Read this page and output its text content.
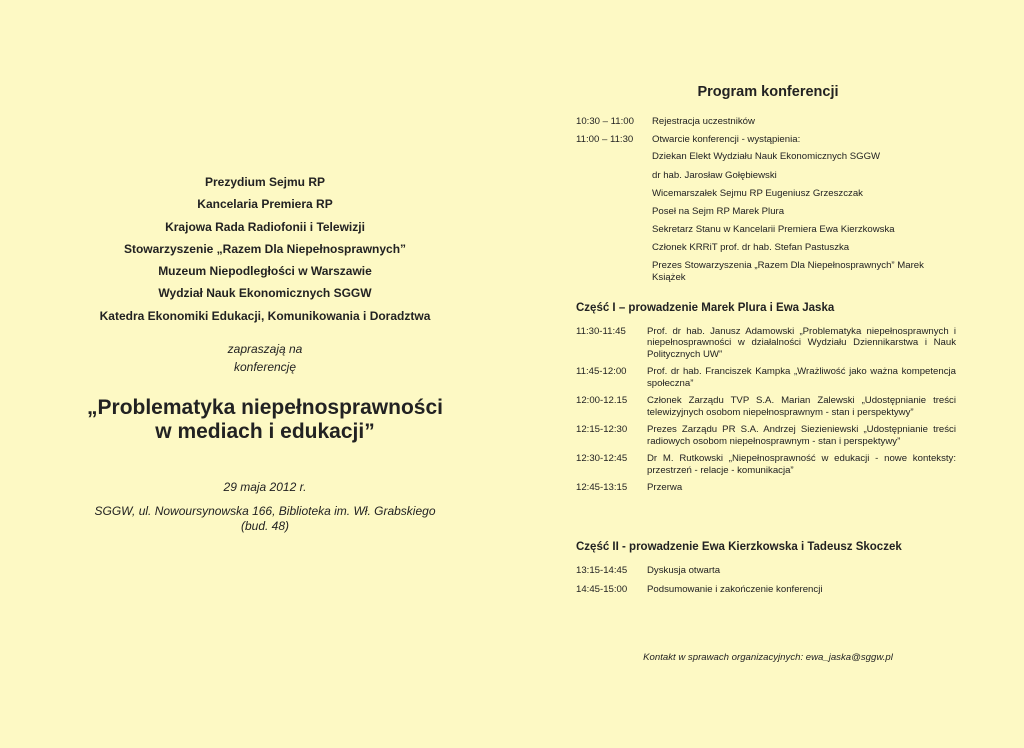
Prezydium Sejmu RP
Kancelaria Premiera RP
Krajowa Rada Radiofonii i Telewizji
Stowarzyszenie „Razem Dla Niepełnosprawnych”
Muzeum Niepodległości w Warszawie
Wydział Nauk Ekonomicznych SGGW
Katedra Ekonomiki Edukacji, Komunikowania i Doradztwa
zapraszają na
konferencję
„Problematyka niepełnosprawności
w mediach i edukacji”
29 maja 2012 r.
SGGW, ul. Nowoursynowska 166, Biblioteka im. Wł. Grabskiego
(bud. 48)
Program konferencji
10:30 – 11:00	Rejestracja uczestników
11:00 – 11:30	Otwarcie konferencji - wystąpienia:
Dziekan Elekt Wydziału Nauk Ekonomicznych SGGW
dr hab. Jarosław Gołębiewski
Wicemarszałek Sejmu RP Eugeniusz Grzeszczak
Poseł na Sejm RP Marek Plura
Sekretarz Stanu w Kancelarii Premiera Ewa Kierzkowska
Członek KRRiT prof. dr hab. Stefan Pastuszka
Prezes Stowarzyszenia „Razem Dla Niepełnosprawnych” Marek Książek
Część I – prowadzenie Marek Plura i Ewa Jaska
11:30-11:45	Prof. dr hab. Janusz Adamowski „Problematyka niepełnosprawnych i niepełnosprawności w działalności Wydziału Dziennikarstwa i Nauk Politycznych UW”
11:45-12:00	Prof. dr hab. Franciszek Kampka „Wrażliwość jako ważna kompetencja społeczna”
12:00-12.15	Członek Zarządu TVP S.A. Marian Zalewski „Udostępnianie treści telewizyjnych osobom niepełnosprawnym - stan i perspektywy”
12:15-12:30	Prezes Zarządu PR S.A. Andrzej Siezieniewski „Udostępnianie treści radiowych osobom niepełnosprawnym - stan i perspektywy”
12:30-12:45	Dr M. Rutkowski „Niepełnosprawność w edukacji - nowe konteksty: przestrzeń - relacje - komunikacja”
12:45-13:15	Przerwa
Część II - prowadzenie Ewa Kierzkowska i Tadeusz Skoczek
13:15-14:45	Dyskusja otwarta
14:45-15:00	Podsumowanie i zakończenie konferencji
Kontakt w sprawach organizacyjnych: ewa_jaska@sggw.pl
